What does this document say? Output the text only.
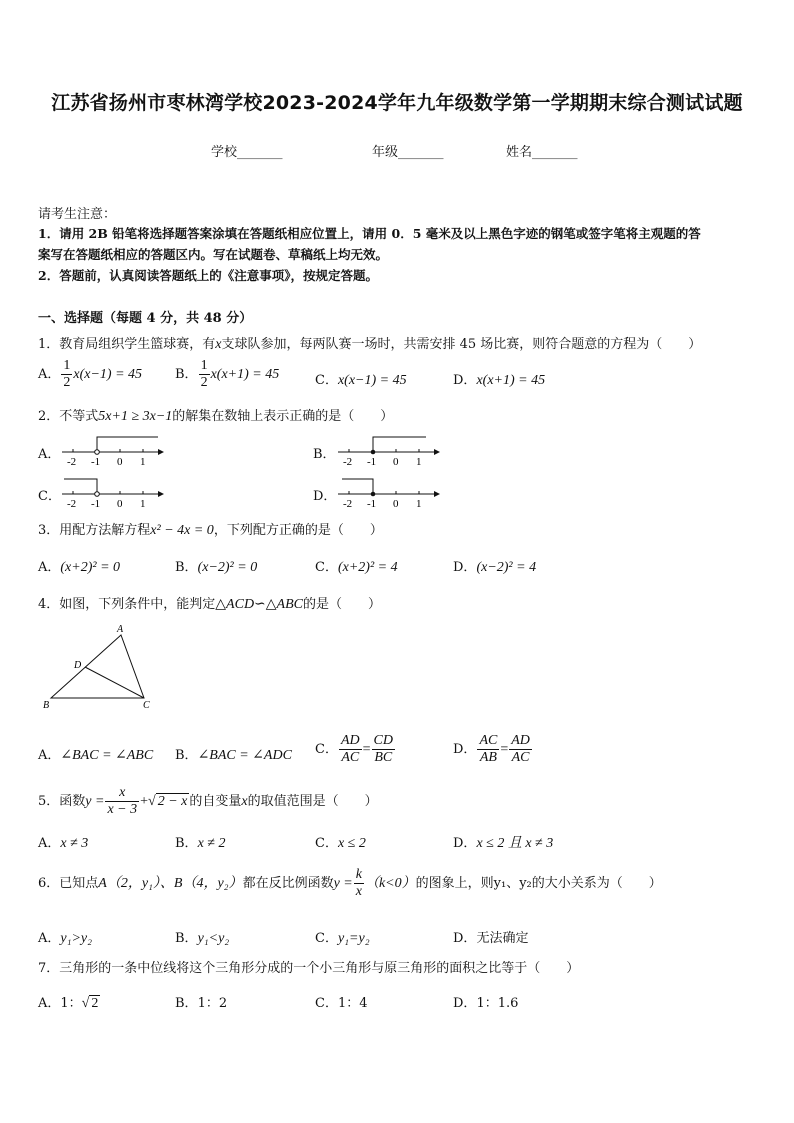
江苏省扬州市枣林湾学校2023-2024学年九年级数学第一学期期末综合测试试题
学校_______	年级_______	姓名_______
请考生注意：
1．请用 2B 铅笔将选择题答案涂填在答题纸相应位置上，请用 0．5 毫米及以上黑色字迹的钢笔或签字笔将主观题的答
案写在答题纸相应的答题区内。写在试题卷、草稿纸上均无效。
2．答题前，认真阅读答题纸上的《注意事项》，按规定答题。
一、选择题（每题 4 分，共 48 分）
1．教育局组织学生篮球赛，有x支球队参加，每两队赛一场时，共需安排 45 场比赛，则符合题意的方程为（　　）
A． $\frac{1}{2} x(x-1) = 45$	B． $\frac{1}{2} x(x+1) = 45$	C．x(x−1) = 45	D．x(x+1) = 45
2．不等式5x+1 ≥ 3x−1的解集在数轴上表示正确的是（　　）
A．	B．
C．	D．
-2 -1 0 1	-2 -1 0 1
-2 -1 0 1	-2 -1 0 1
3．用配方法解方程x² − 4x = 0，下列配方正确的是（　　）
A．(x+2)² = 0	B．(x−2)² = 0	C．(x+2)² = 4	D．(x−2)² = 4
4．如图，下列条件中，能判定△ACD∽△ABC的是（　　）
A
B	C
D
A．∠BAC = ∠ABC B．∠BAC = ∠ADC C． $\frac{AD}{AC} = \frac{CD}{BC}$	D． $\frac{AC}{AB} = \frac{AD}{AC}$
5．函数$y = \frac{x}{x - 3}$ +√ 2 − x 的自变量x的取值范围是（　　）
A．x ≠ 3	B．x ≠ 2	C．x ≤ 2	D．x ≤ 2 且 x ≠ 3
6．已知点A（2，y₁）、B（4，y₂）都在反比例函数$y = \frac{k}{x} (k<0)$的图象上，则y₁、y₂的大小关系为（　　）
A．y₁>y₂	B．y₁<y₂	C．y₁=y₂	D．无法确定
7．三角形的一条中位线将这个三角形分成的一个小三角形与原三角形的面积之比等于（　　）
A．1：√ 2	B．1：2	C．1：4	D．1：1.6
